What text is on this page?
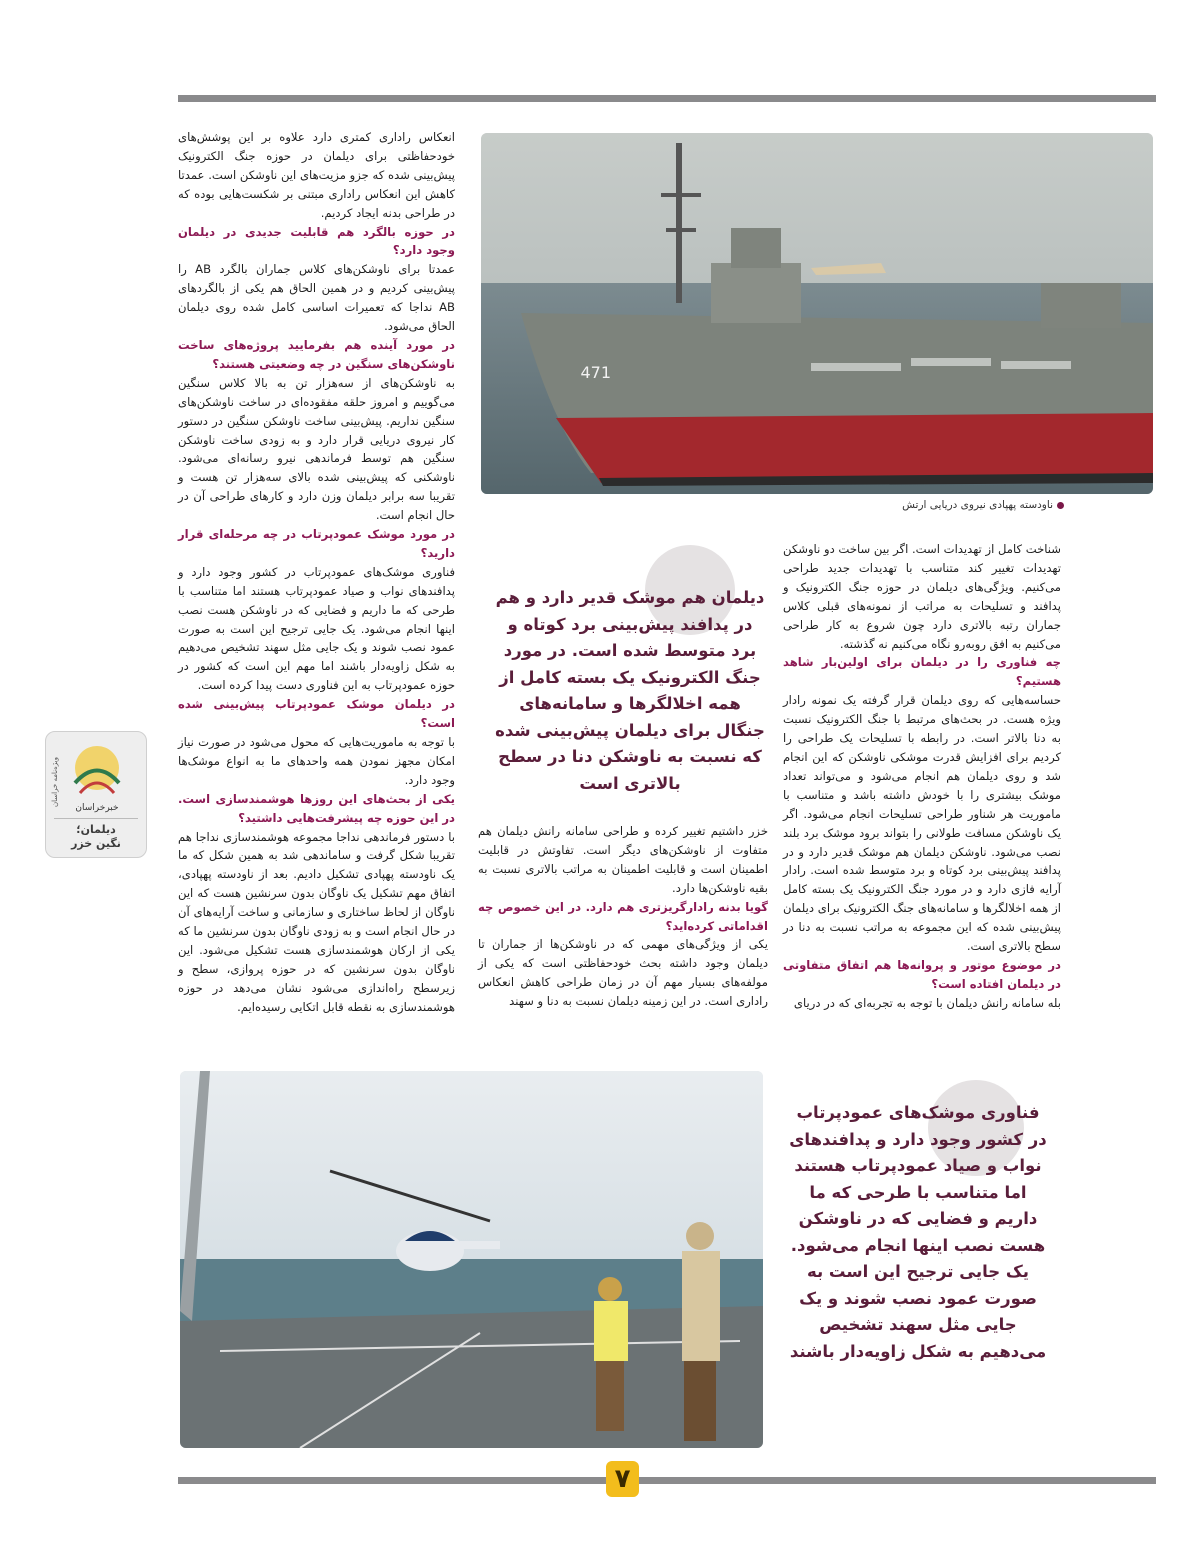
471
ناودسته پهپادی نیروی دریایی ارتش

انعکاس راداری کمتری دارد علاوه بر این پوشش‌های خودحفاظتی برای دیلمان در حوزه جنگ الکترونیک پیش‌بینی شده که جزو مزیت‌های این ناوشکن است. عمدتا کاهش این انعکاس راداری مبتنی بر شکست‌هایی بوده که در طراحی بدنه ایجاد کردیم.

در حوزه بالگرد هم قابلیت جدیدی در دیلمان وجود دارد؟

عمدتا برای ناوشکن‌های کلاس جماران بالگرد AB را پیش‌بینی کردیم و در همین الحاق هم یکی از بالگردهای AB نداجا که تعمیرات اساسی کامل شده روی دیلمان الحاق می‌شود.

در مورد آینده هم بفرمایید پروژه‌های ساخت ناوشکن‌های سنگین در چه وضعیتی هستند؟

به ناوشکن‌های از سه‌هزار تن به بالا کلاس سنگین می‌گوییم و امروز حلقه مفقوده‌ای در ساخت ناوشکن‌های سنگین نداریم. پیش‌بینی ساخت ناوشکن سنگین در دستور کار نیروی دریایی قرار دارد و به زودی ساخت ناوشکن سنگین هم توسط فرماندهی نیرو رسانه‌ای می‌شود. ناوشکنی که پیش‌بینی شده بالای سه‌هزار تن هست و تقریبا سه برابر دیلمان وزن دارد و کارهای طراحی آن در حال انجام است.

در مورد موشک عمودپرتاب در چه مرحله‌ای قرار دارید؟

فناوری موشک‌های عمودپرتاب در کشور وجود دارد و پدافندهای نواب و صیاد عمودپرتاب هستند اما متناسب با طرحی که ما داریم و فضایی که در ناوشکن هست نصب اینها انجام می‌شود. یک جایی ترجیح این است به صورت عمود نصب شوند و یک جایی مثل سهند تشخیص می‌دهیم به شکل زاویه‌دار باشند اما مهم این است که کشور در حوزه عمودپرتاب به این فناوری دست پیدا کرده است.

در دیلمان موشک عمودپرتاب پیش‌بینی شده است؟

با توجه به ماموریت‌هایی که محول می‌شود در صورت نیاز امکان مجهز نمودن همه واحدهای ما به انواع موشک‌ها وجود دارد.

یکی از بحث‌های این روزها هوشمندسازی است. در این حوزه چه پیشرفت‌هایی داشتید؟

با دستور فرماندهی نداجا مجموعه هوشمندسازی نداجا هم تقریبا شکل گرفت و ساماندهی شد به همین شکل که ما یک ناودسته پهپادی تشکیل دادیم. بعد از ناودسته پهپادی، اتفاق مهم تشکیل یک ناوگان بدون سرنشین هست که این ناوگان از لحاظ ساختاری و سازمانی و ساخت آرایه‌های آن در حال انجام است و به زودی ناوگان بدون سرنشین ما که یکی از ارکان هوشمندسازی هست تشکیل می‌شود. این ناوگان بدون سرنشین که در حوزه پروازی، سطح و زیرسطح راه‌اندازی می‌شود نشان می‌دهد در حوزه هوشمندسازی به نقطه قابل اتکایی رسیده‌ایم.

خزر داشتیم تغییر کرده و طراحی سامانه رانش دیلمان هم متفاوت از ناوشکن‌های دیگر است. تفاوتش در قابلیت اطمینان است و قابلیت اطمینان به مراتب بالاتری نسبت به بقیه ناوشکن‌ها دارد.

گویا بدنه رادارگریزتری هم دارد. در این خصوص چه اقداماتی کرده‌اید؟

یکی از ویژگی‌های مهمی که در ناوشکن‌ها از جماران تا دیلمان وجود داشته بحث خودحفاظتی است که یکی از مولفه‌های بسیار مهم آن در زمان طراحی کاهش انعکاس راداری است. در این زمینه دیلمان نسبت به دنا و سهند

شناخت کامل از تهدیدات است. اگر بین ساخت دو ناوشکن تهدیدات تغییر کند متناسب با تهدیدات جدید طراحی می‌کنیم. ویژگی‌های دیلمان در حوزه جنگ الکترونیک و پدافند و تسلیحات به مراتب از نمونه‌های قبلی کلاس جماران رتبه بالاتری دارد چون شروع به کار طراحی می‌کنیم به افق روبه‌رو نگاه می‌کنیم نه گذشته.

چه فناوری را در دیلمان برای اولین‌بار شاهد هستیم؟

حساسه‌هایی که روی دیلمان قرار گرفته یک نمونه رادار ویژه هست. در بحث‌های مرتبط با جنگ الکترونیک نسبت به دنا بالاتر است. در رابطه با تسلیحات یک طراحی را کردیم برای افزایش قدرت موشکی ناوشکن که این انجام شد و روی دیلمان هم انجام می‌شود و می‌تواند تعداد موشک بیشتری را با خودش داشته باشد و متناسب با ماموریت هر شناور طراحی تسلیحات انجام می‌شود. اگر یک ناوشکن مسافت طولانی را بتواند برود موشک برد بلند نصب می‌شود. ناوشکن دیلمان هم موشک قدیر دارد و در پدافند پیش‌بینی برد کوتاه و برد متوسط شده است. رادار آرایه فازی دارد و در مورد جنگ الکترونیک یک بسته کامل از همه اخلالگرها و سامانه‌های جنگ الکترونیک برای دیلمان پیش‌بینی شده که این مجموعه به مراتب نسبت به دنا در سطح بالاتری است.

در موضوع موتور و پروانه‌ها هم اتفاق متفاوتی در دیلمان افتاده است؟

بله سامانه رانش دیلمان با توجه به تجربه‌ای که در دریای

دیلمان هم موشک قدیر دارد و هم در پدافند پیش‌بینی برد کوتاه و برد متوسط شده است. در مورد جنگ الکترونیک یک بسته کامل از همه اخلالگرها و سامانه‌های جنگال برای دیلمان پیش‌بینی شده که نسبت به ناوشکن دنا در سطح بالاتری است

فناوری موشک‌های عمودپرتاب در کشور وجود دارد و پدافندهای نواب و صیاد عمودپرتاب هستند اما متناسب با طرحی که ما داریم و فضایی که در ناوشکن هست نصب اینها انجام می‌شود. یک جایی ترجیح این است به صورت عمود نصب شوند و یک جایی مثل سهند تشخیص می‌دهیم به شکل زاویه‌دار باشند

خبرخراسان
ویژه‌نامه خراسان
دیلمان؛
نگین خزر
۷
